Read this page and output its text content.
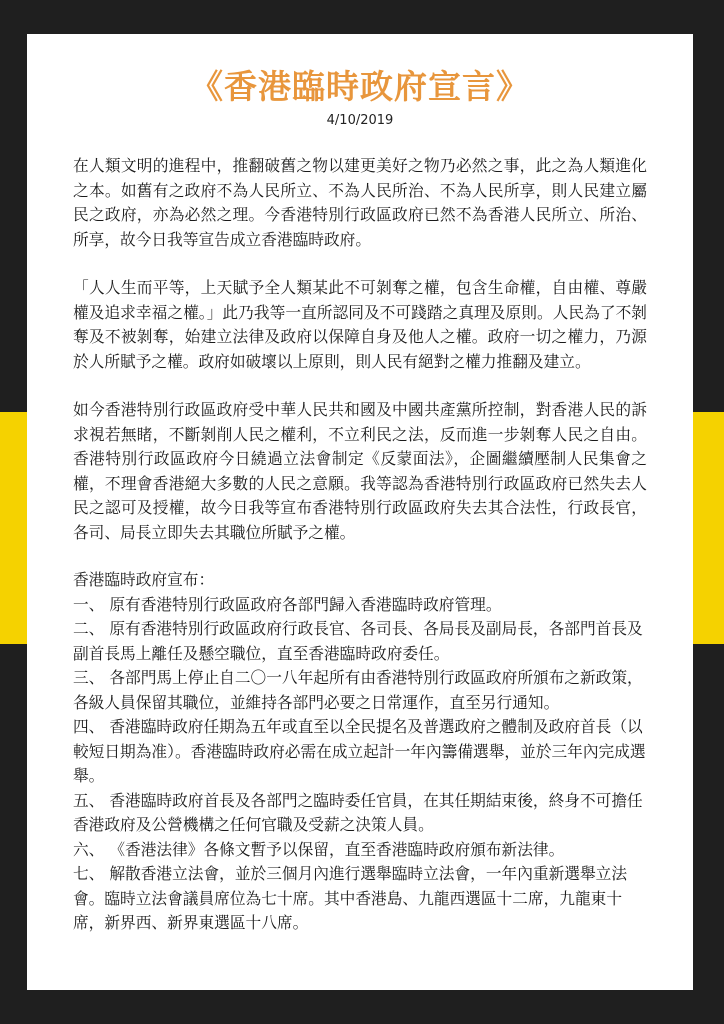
《香港臨時政府宣言》
4/10/2019

在人類文明的進程中，推翻破舊之物以建更美好之物乃必然之事，此之為人類進化之本。如舊有之政府不為人民所立、不為人民所治、不為人民所享，則人民建立屬民之政府，亦為必然之理。今香港特別行政區政府已然不為香港人民所立、所治、所享，故今日我等宣告成立香港臨時政府。

「人人生而平等，上天賦予全人類某此不可剝奪之權，包含生命權，自由權、尊嚴權及追求幸福之權。」此乃我等一直所認同及不可踐踏之真理及原則。人民為了不剝奪及不被剝奪，始建立法律及政府以保障自身及他人之權。政府一切之權力，乃源於人所賦予之權。政府如破壞以上原則，則人民有絕對之權力推翻及建立。

如今香港特別行政區政府受中華人民共和國及中國共產黨所控制，對香港人民的訴求視若無睹，不斷剝削人民之權利，不立利民之法，反而進一步剝奪人民之自由。香港特別行政區政府今日繞過立法會制定《反蒙面法》，企圖繼續壓制人民集會之權，不理會香港絕大多數的人民之意願。我等認為香港特別行政區政府已然失去人民之認可及授權，故今日我等宣布香港特別行政區政府失去其合法性，行政長官，各司、局長立即失去其職位所賦予之權。

香港臨時政府宣布：

一、 原有香港特別行政區政府各部門歸入香港臨時政府管理。

二、 原有香港特別行政區政府行政長官、各司長、各局長及副局長，各部門首長及副首長馬上離任及懸空職位，直至香港臨時政府委任。

三、 各部門馬上停止自二〇一八年起所有由香港特別行政區政府所頒布之新政策，各級人員保留其職位，並維持各部門必要之日常運作，直至另行通知。

四、 香港臨時政府任期為五年或直至以全民提名及普選政府之體制及政府首長（以較短日期為准）。香港臨時政府必需在成立起計一年內籌備選舉，並於三年內完成選舉。

五、 香港臨時政府首長及各部門之臨時委任官員，在其任期結束後，終身不可擔任香港政府及公營機構之任何官職及受薪之決策人員。

六、 《香港法律》各條文暫予以保留，直至香港臨時政府頒布新法律。

七、 解散香港立法會，並於三個月內進行選舉臨時立法會，一年內重新選舉立法會。臨時立法會議員席位為七十席。其中香港島、九龍西選區十二席，九龍東十席，新界西、新界東選區十八席。
